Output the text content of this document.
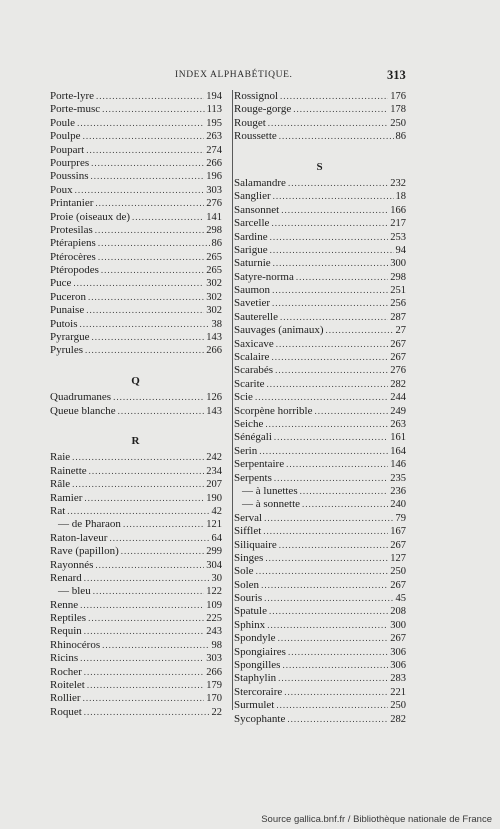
INDEX ALPHABÉTIQUE.	313
Porte-lyre .....	194
Porte-musc .....	113
Poule .....	195
Poulpe .....	263
Poupart .....	274
Pourpres .....	266
Poussins .....	196
Poux .....	303
Printanier .....	276
Proie (oiseaux de) .....	141
Protesilas .....	298
Ptérapiens .....	86
Ptérocères .....	265
Ptéropodes .....	265
Puce .....	302
Puceron .....	302
Punaise .....	302
Putois .....	38
Pyrargue .....	143
Pyrules .....	266
Q
Quadrumanes .....	126
Queue blanche .....	143
R
Raie .....	242
Rainette .....	234
Râle .....	207
Ramier .....	190
Rat .....	42
— de Pharaon .....	121
Raton-laveur .....	64
Rave (papillon) .....	299
Rayonnés .....	304
Renard .....	30
— bleu .....	122
Renne .....	109
Reptiles .....	225
Requin .....	243
Rhinocéros .....	98
Ricins .....	303
Rocher .....	266
Roitelet .....	179
Rollier .....	170
Roquet .....	22
Rossignol .....	176
Rouge-gorge .....	178
Rouget .....	250
Roussette .....	86
S
Salamandre .....	232
Sanglier .....	18
Sansonnet .....	166
Sarcelle .....	217
Sardine .....	253
Sarigue .....	94
Saturnie .....	300
Satyre-norma .....	298
Saumon .....	251
Savetier .....	256
Sauterelle .....	287
Sauvages (animaux) .....	27
Saxicave .....	267
Scalaire .....	267
Scarabés .....	276
Scarite .....	282
Scie .....	244
Scorpène horrible .....	249
Seiche .....	263
Sénégali .....	161
Serin .....	164
Serpentaire .....	146
Serpents .....	235
— à lunettes .....	236
— à sonnette .....	240
Serval .....	79
Sifflet .....	167
Siliquaire .....	267
Singes .....	127
Sole .....	250
Solen .....	267
Souris .....	45
Spatule .....	208
Sphinx .....	300
Spondyle .....	267
Spongiaires .....	306
Spongilles .....	306
Staphylin .....	283
Stercoraire .....	221
Surmulet .....	250
Sycophante .....	282
Source gallica.bnf.fr / Bibliothèque nationale de France
